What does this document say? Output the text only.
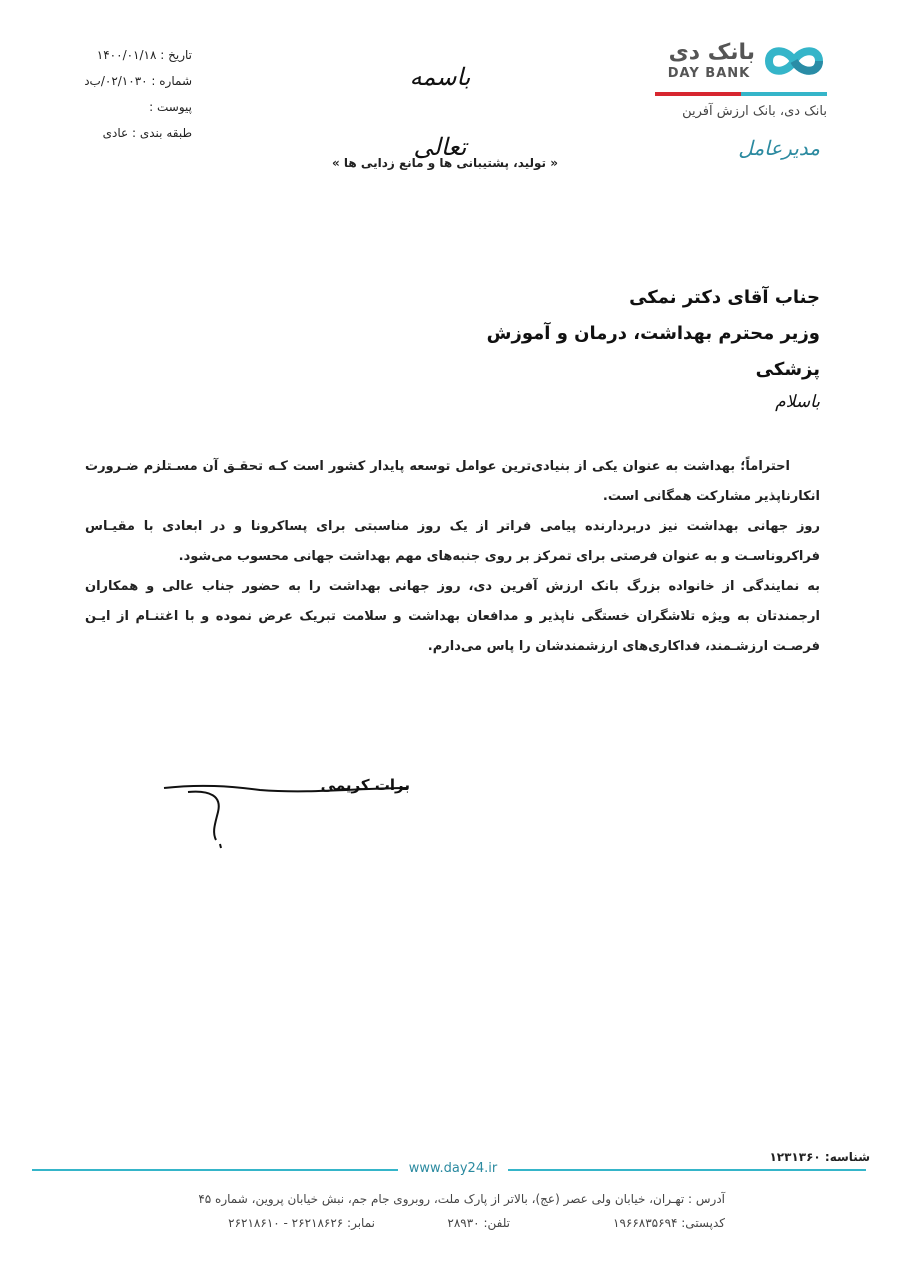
تاریخ : ۱۴۰۰/۰۱/۱۸
شماره : ۰۲/۱۰۳۰/ب‌د
پیوست :
طبقه بندی : عادی
باسمه تعالی
« تولید، پشتیبانی ها و مانع زدایی ها »
بانک دی
DAY BANK
بانک دی، بانک ارزش آفرین
مدیرعامل
جناب آقای دکتر نمکی
وزیر محترم بهداشت، درمان و آموزش پزشکی
باسلام

احتراماً؛ بهداشت به عنوان یکی از بنیادی‌ترین عوامل توسعه پایدار کشور است کـه تحقـق آن مسـتلزم ضـرورت انکارناپذیر مشارکت همگانی است.

روز جهانی بهداشت نیز دربردارنده پیامی فراتر از یک روز مناسبتی برای پساکرونا و در ابعادی با مقیـاس فراکروناسـت و به عنوان فرصتی برای تمرکز بر روی جنبه‌های مهم بهداشت جهانی محسوب می‌شود.

به نمایندگی از خانواده بزرگ بانک ارزش آفرین دی، روز جهانی بهداشت را به حضور جناب عالی و همکاران ارجمندتان به ویژه تلاشگران خستگی ناپذیر و مدافعان بهداشت و سلامت تبریک عرض نموده و با اغتنـام از ایـن فرصـت ارزشـمند، فداکاری‌های ارزشمندشان را پاس می‌دارم.

برات کریمی
شناسه: ۱۲۳۱۳۶۰
www.day24.ir
آدرس : تهـران، خیابان ولی عصر (عج)، بالاتر از پارک ملت، روبروی جام جم، نبش خیابان پروین، شماره ۴۵
کدپستی: ۱۹۶۶۸۳۵۶۹۴
تلفن: ۲۸۹۳۰
نمابر: ۲۶۲۱۸۶۲۶ - ۲۶۲۱۸۶۱۰
